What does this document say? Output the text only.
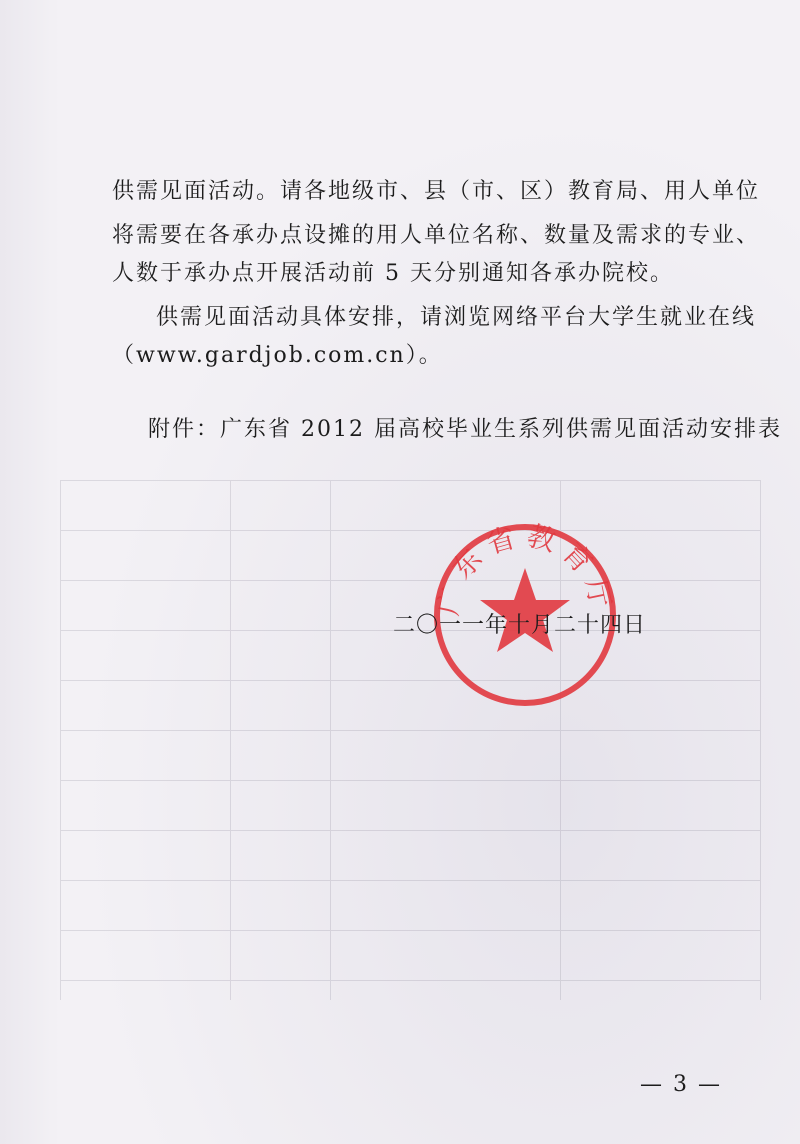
供需见面活动。请各地级市、县（市、区）教育局、用人单位
将需要在各承办点设摊的用人单位名称、数量及需求的专业、
人数于承办点开展活动前 5 天分别通知各承办院校。
供需见面活动具体安排，请浏览网络平台大学生就业在线
（www.gardjob.com.cn）。
附件：广东省 2012 届高校毕业生系列供需见面活动安排表
广东省教育厅
二〇一一年十月二十四日
— 3 —
